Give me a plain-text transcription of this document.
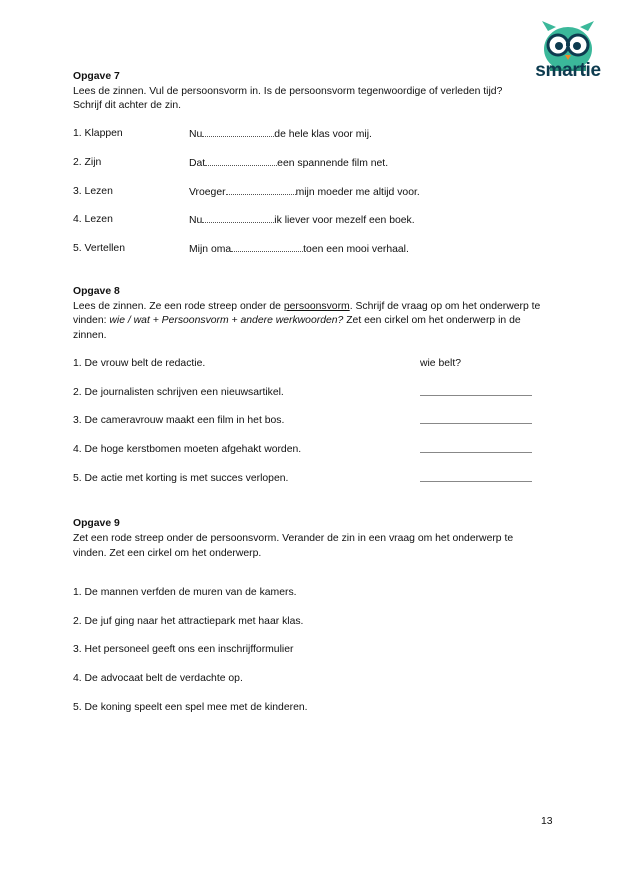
smartie
Opgave 7
Lees de zinnen. Vul de persoonsvorm in. Is de persoonsvorm tegenwoordige of verleden tijd?
Schrijf dit achter de zin.
1. Klappen	Nu	de hele klas voor mij.
2. Zijn	Dat	een spannende film net.
3. Lezen	Vroeger	mijn moeder me altijd voor.
4. Lezen	Nu	ik liever voor mezelf een boek.
5. Vertellen	Mijn oma	toen een mooi verhaal.
Opgave 8
Lees de zinnen. Ze een rode streep onder de persoonsvorm. Schrijf de vraag op om het onderwerp te
vinden: wie / wat + Persoonsvorm + andere werkwoorden? Zet een cirkel om het onderwerp in de
zinnen.
1. De vrouw belt de redactie.	wie belt?
2. De journalisten schrijven een nieuwsartikel.
3. De cameravrouw maakt een film in het bos.
4. De hoge kerstbomen moeten afgehakt worden.
5. De actie met korting is met succes verlopen.
Opgave 9
Zet een rode streep onder de persoonsvorm. Verander de zin in een vraag om het onderwerp te
vinden. Zet een cirkel om het onderwerp.
1. De mannen verfden de muren van de kamers.
2. De juf ging naar het attractiepark met haar klas.
3. Het personeel geeft ons een inschrijfformulier
4. De advocaat belt de verdachte op.
5. De koning speelt een spel mee met de kinderen.
13
